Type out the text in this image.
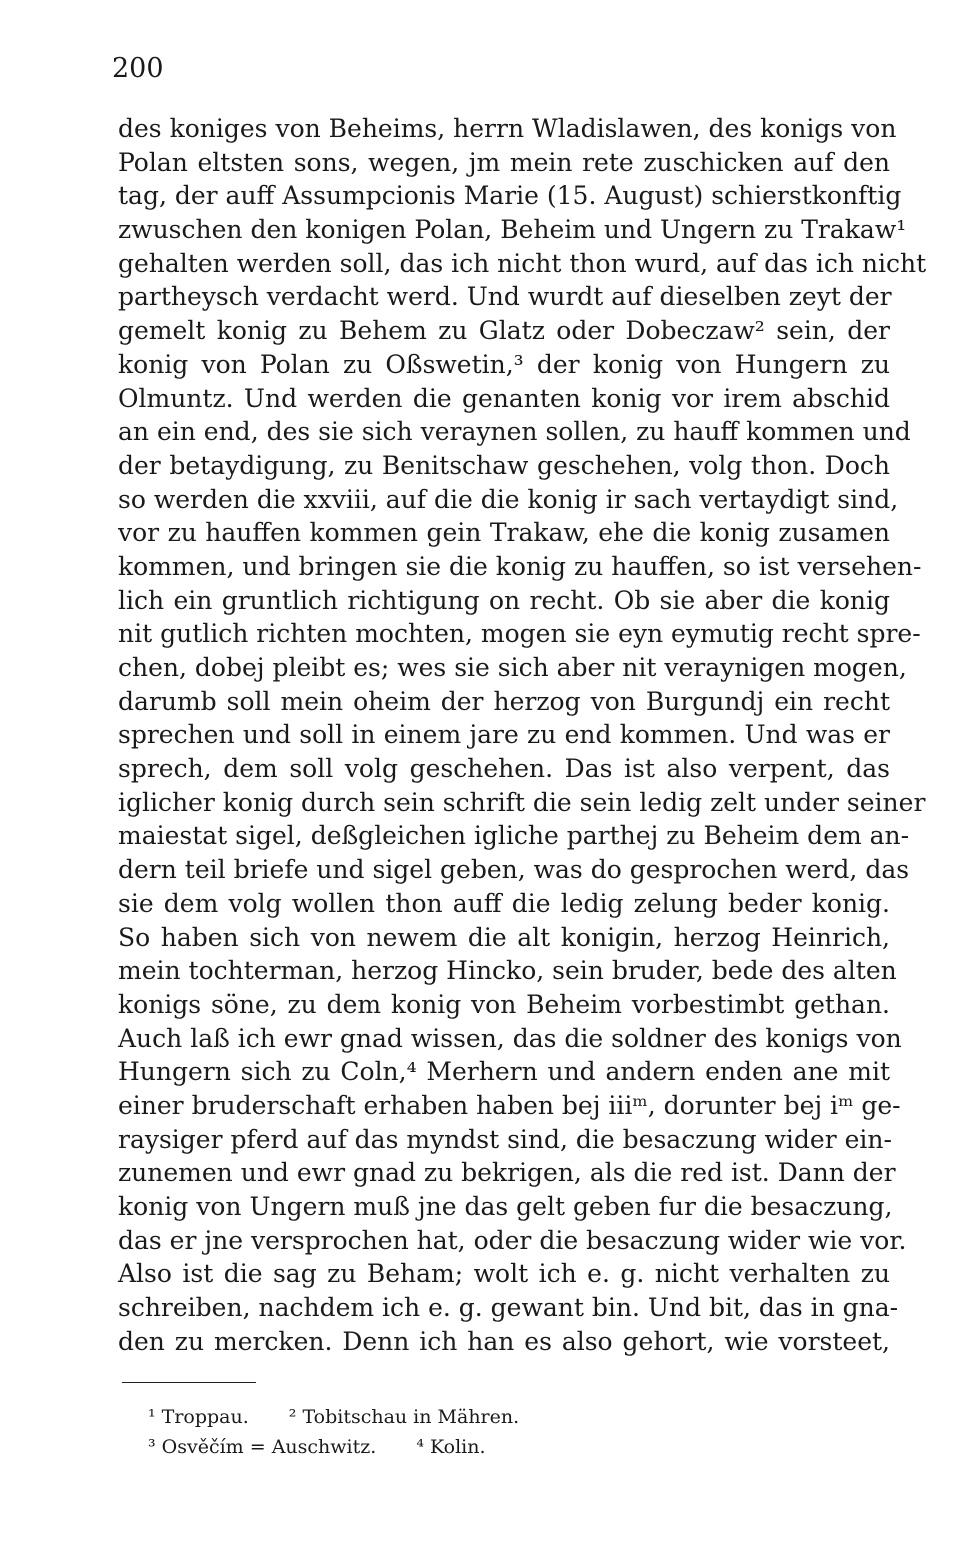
200
des koniges von Beheims, herrn Wladislawen, des konigs von
Polan eltsten sons, wegen, jm mein rete zuschicken auf den
tag, der auff Assumpcionis Marie (15. August) schierstkonftig
zwuschen den konigen Polan, Beheim und Ungern zu Trakaw¹
gehalten werden soll, das ich nicht thon wurd, auf das ich nicht
partheysch verdacht werd. Und wurdt auf dieselben zeyt der
gemelt konig zu Behem zu Glatz oder Dobeczaw² sein, der
konig von Polan zu Oßswetin,³ der konig von Hungern zu
Olmuntz. Und werden die genanten konig vor irem abschid
an ein end, des sie sich veraynen sollen, zu hauff kommen und
der betaydigung, zu Benitschaw geschehen, volg thon. Doch
so werden die xxviii, auf die die konig ir sach vertaydigt sind,
vor zu hauffen kommen gein Trakaw, ehe die konig zusamen
kommen, und bringen sie die konig zu hauffen, so ist versehen-
lich ein gruntlich richtigung on recht. Ob sie aber die konig
nit gutlich richten mochten, mogen sie eyn eymutig recht spre-
chen, dobej pleibt es; wes sie sich aber nit veraynigen mogen,
darumb soll mein oheim der herzog von Burgundj ein recht
sprechen und soll in einem jare zu end kommen. Und was er
sprech, dem soll volg geschehen. Das ist also verpent, das
iglicher konig durch sein schrift die sein ledig zelt under seiner
maiestat sigel, deßgleichen igliche parthej zu Beheim dem an-
dern teil briefe und sigel geben, was do gesprochen werd, das
sie dem volg wollen thon auff die ledig zelung beder konig.
So haben sich von newem die alt konigin, herzog Heinrich,
mein tochterman, herzog Hincko, sein bruder, bede des alten
konigs söne, zu dem konig von Beheim vorbestimbt gethan.
Auch laß ich ewr gnad wissen, das die soldner des konigs von
Hungern sich zu Coln,⁴ Merhern und andern enden ane mit
einer bruderschaft erhaben haben bej iiiᵐ, dorunter bej iᵐ ge-
raysiger pferd auf das myndst sind, die besaczung wider ein-
zunemen und ewr gnad zu bekrigen, als die red ist. Dann der
konig von Ungern muß jne das gelt geben fur die besaczung,
das er jne versprochen hat, oder die besaczung wider wie vor.
Also ist die sag zu Beham; wolt ich e. g. nicht verhalten zu
schreiben, nachdem ich e. g. gewant bin. Und bit, das in gna-
den zu mercken. Denn ich han es also gehort, wie vorsteet,
¹ Troppau. ² Tobitschau in Mähren.
³ Osvěčím = Auschwitz. ⁴ Kolin.
